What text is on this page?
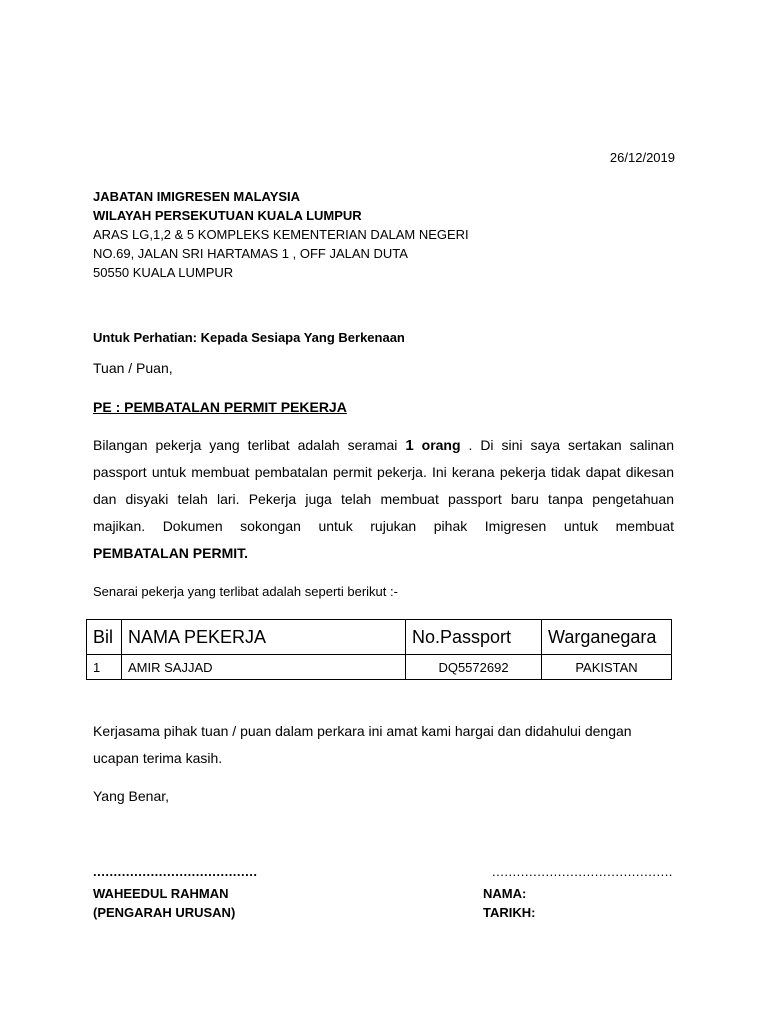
26/12/2019
JABATAN IMIGRESEN MALAYSIA
WILAYAH PERSEKUTUAN KUALA LUMPUR
ARAS LG,1,2 & 5 KOMPLEKS KEMENTERIAN DALAM NEGERI
NO.69, JALAN SRI HARTAMAS 1 , OFF JALAN DUTA
50550 KUALA LUMPUR
Untuk Perhatian: Kepada Sesiapa Yang Berkenaan
Tuan / Puan,
PE : PEMBATALAN PERMIT PEKERJA
Bilangan pekerja yang terlibat adalah seramai 1 orang . Di sini saya sertakan salinan
passport untuk membuat pembatalan permit pekerja. Ini kerana pekerja tidak dapat dikesan
dan disyaki telah lari. Pekerja juga telah membuat passport baru tanpa pengetahuan
majikan. Dokumen sokongan untuk rujukan pihak Imigresen untuk membuat
PEMBATALAN PERMIT.
Senarai pekerja yang terlibat adalah seperti berikut :-
Bil	NAMA PEKERJA	No.Passport	Warganegara
1	AMIR SAJJAD	DQ5572692	PAKISTAN
Kerjasama pihak tuan / puan dalam perkara ini amat kami hargai dan didahului dengan
ucapan terima kasih.
Yang Benar,
........................................	............................................
WAHEEDUL RAHMAN
(PENGARAH URUSAN)
NAMA:
TARIKH:
